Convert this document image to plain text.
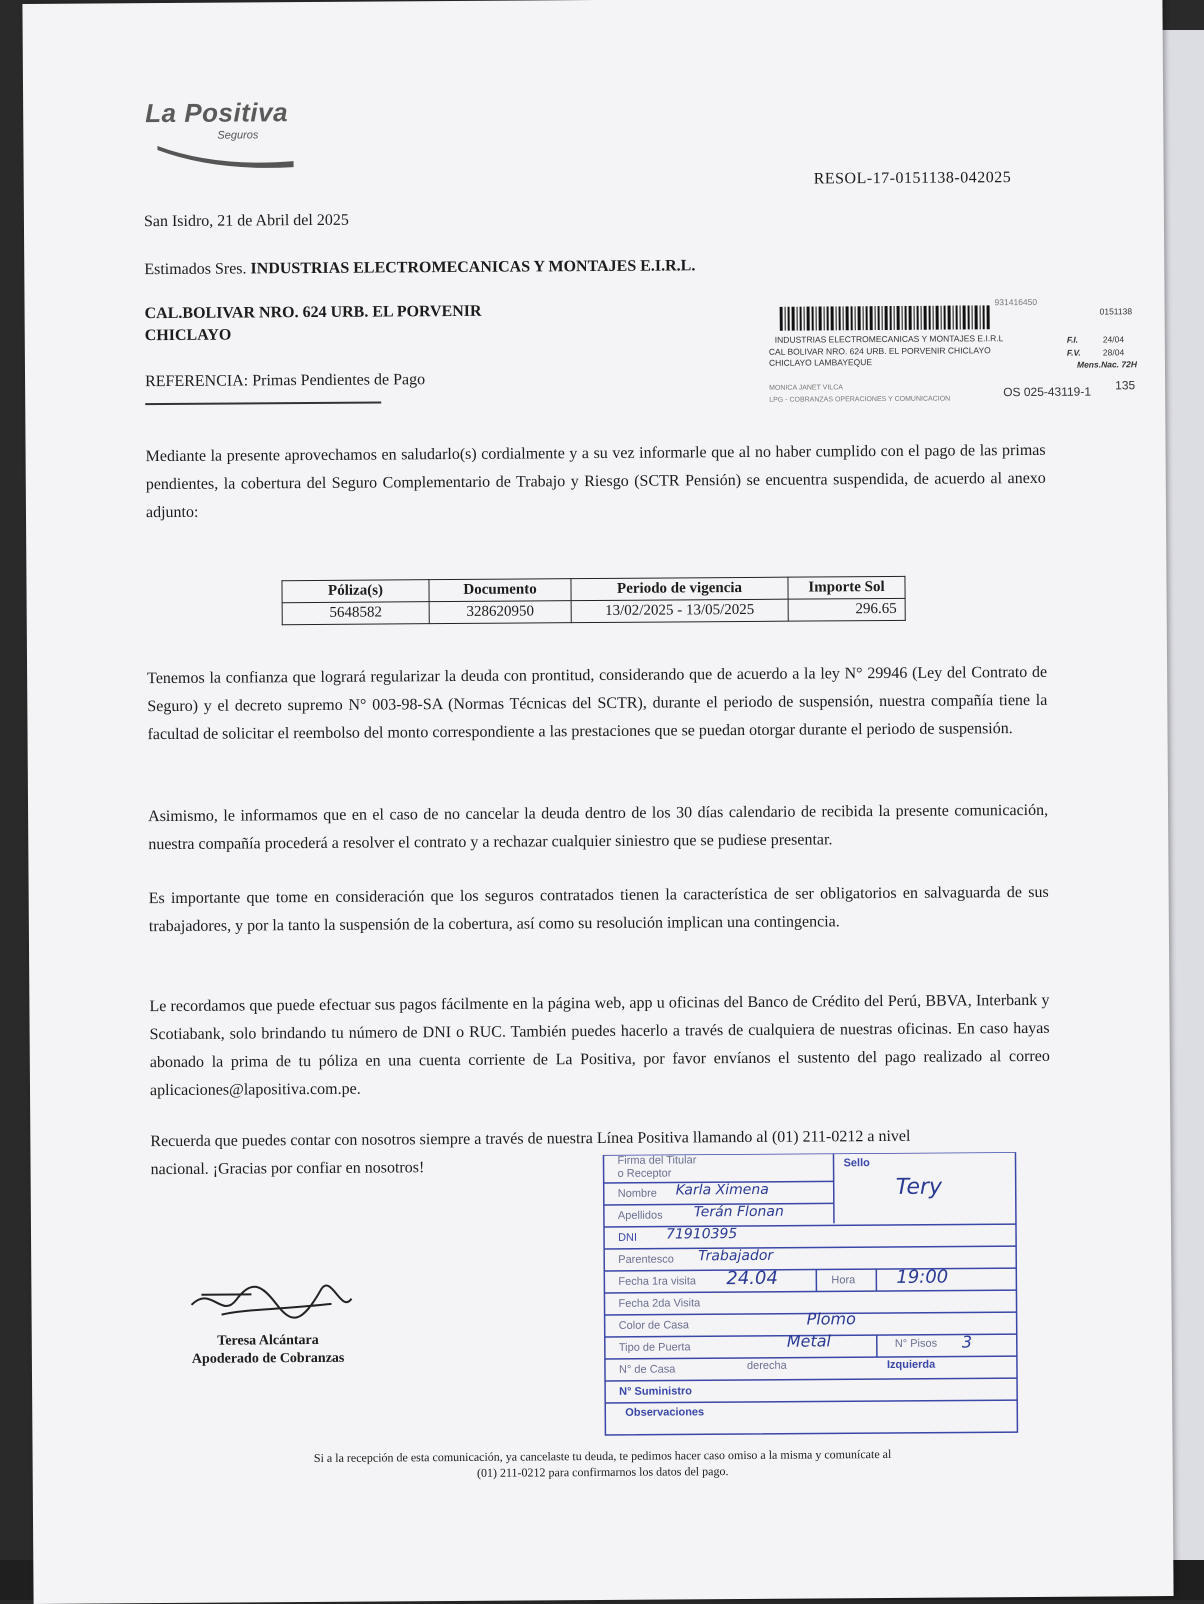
La Positiva
Seguros
RESOL-17-0151138-042025
San Isidro, 21 de Abril del 2025
Estimados Sres. INDUSTRIAS ELECTROMECANICAS Y MONTAJES E.I.R.L.
CAL.BOLIVAR NRO. 624 URB. EL PORVENIR
CHICLAYO
REFERENCIA: Primas Pendientes de Pago
931416450
0151138
INDUSTRIAS ELECTROMECANICAS Y MONTAJES E.I.R.L
CAL BOLIVAR NRO. 624 URB. EL PORVENIR CHICLAYO
CHICLAYO LAMBAYEQUE
F.I.	24/04
F.V.	28/04
Mens.Nac. 72H
MONICA JANET VILCA
LPG - COBRANZAS OPERACIONES Y COMUNICACION
OS 025-43119-1 135
Mediante la presente aprovechamos en saludarlo(s) cordialmente y a su vez informarle que al no haber cumplido con el pago de las primas pendientes, la cobertura del Seguro Complementario de Trabajo y Riesgo (SCTR Pensión) se encuentra suspendida, de acuerdo al anexo adjunto:
Póliza(s)	Documento	Periodo de vigencia	Importe Sol
5648582	328620950	13/02/2025 - 13/05/2025	296.65
Tenemos la confianza que logrará regularizar la deuda con prontitud, considerando que de acuerdo a la ley N° 29946 (Ley del Contrato de Seguro) y el decreto supremo N° 003-98-SA (Normas Técnicas del SCTR), durante el periodo de suspensión, nuestra compañía tiene la facultad de solicitar el reembolso del monto correspondiente a las prestaciones que se puedan otorgar durante el periodo de suspensión.
Asimismo, le informamos que en el caso de no cancelar la deuda dentro de los 30 días calendario de recibida la presente comunicación, nuestra compañía procederá a resolver el contrato y a rechazar cualquier siniestro que se pudiese presentar.
Es importante que tome en consideración que los seguros contratados tienen la característica de ser obligatorios en salvaguarda de sus trabajadores, y por la tanto la suspensión de la cobertura, así como su resolución implican una contingencia.
Le recordamos que puede efectuar sus pagos fácilmente en la página web, app u oficinas del Banco de Crédito del Perú, BBVA, Interbank y Scotiabank, solo brindando tu número de DNI o RUC. También puedes hacerlo a través de cualquiera de nuestras oficinas. En caso hayas abonado la prima de tu póliza en una cuenta corriente de La Positiva, por favor envíanos el sustento del pago realizado al correo aplicaciones@lapositiva.com.pe.
Recuerda que puedes contar con nosotros siempre a través de nuestra Línea Positiva llamando al (01) 211-0212 a nivel
nacional. ¡Gracias por confiar en nosotros!
Teresa Alcántara
Apoderado de Cobranzas
Firma del Titular
o Receptor
Sello
Tery
Nombre Karla Ximena
Apellidos Terán Flonan
DNI 71910395
Parentesco Trabajador
Fecha 1ra visita 24.04	Hora 19:00
Fecha 2da Visita
Color de Casa	Plomo
Tipo de Puerta	Metal	N° Pisos 3
N° de Casa	derecha	Izquierda
N° Suministro
Observaciones
Si a la recepción de esta comunicación, ya cancelaste tu deuda, te pedimos hacer caso omiso a la misma y comunícate al
(01) 211-0212 para confirmarnos los datos del pago.
